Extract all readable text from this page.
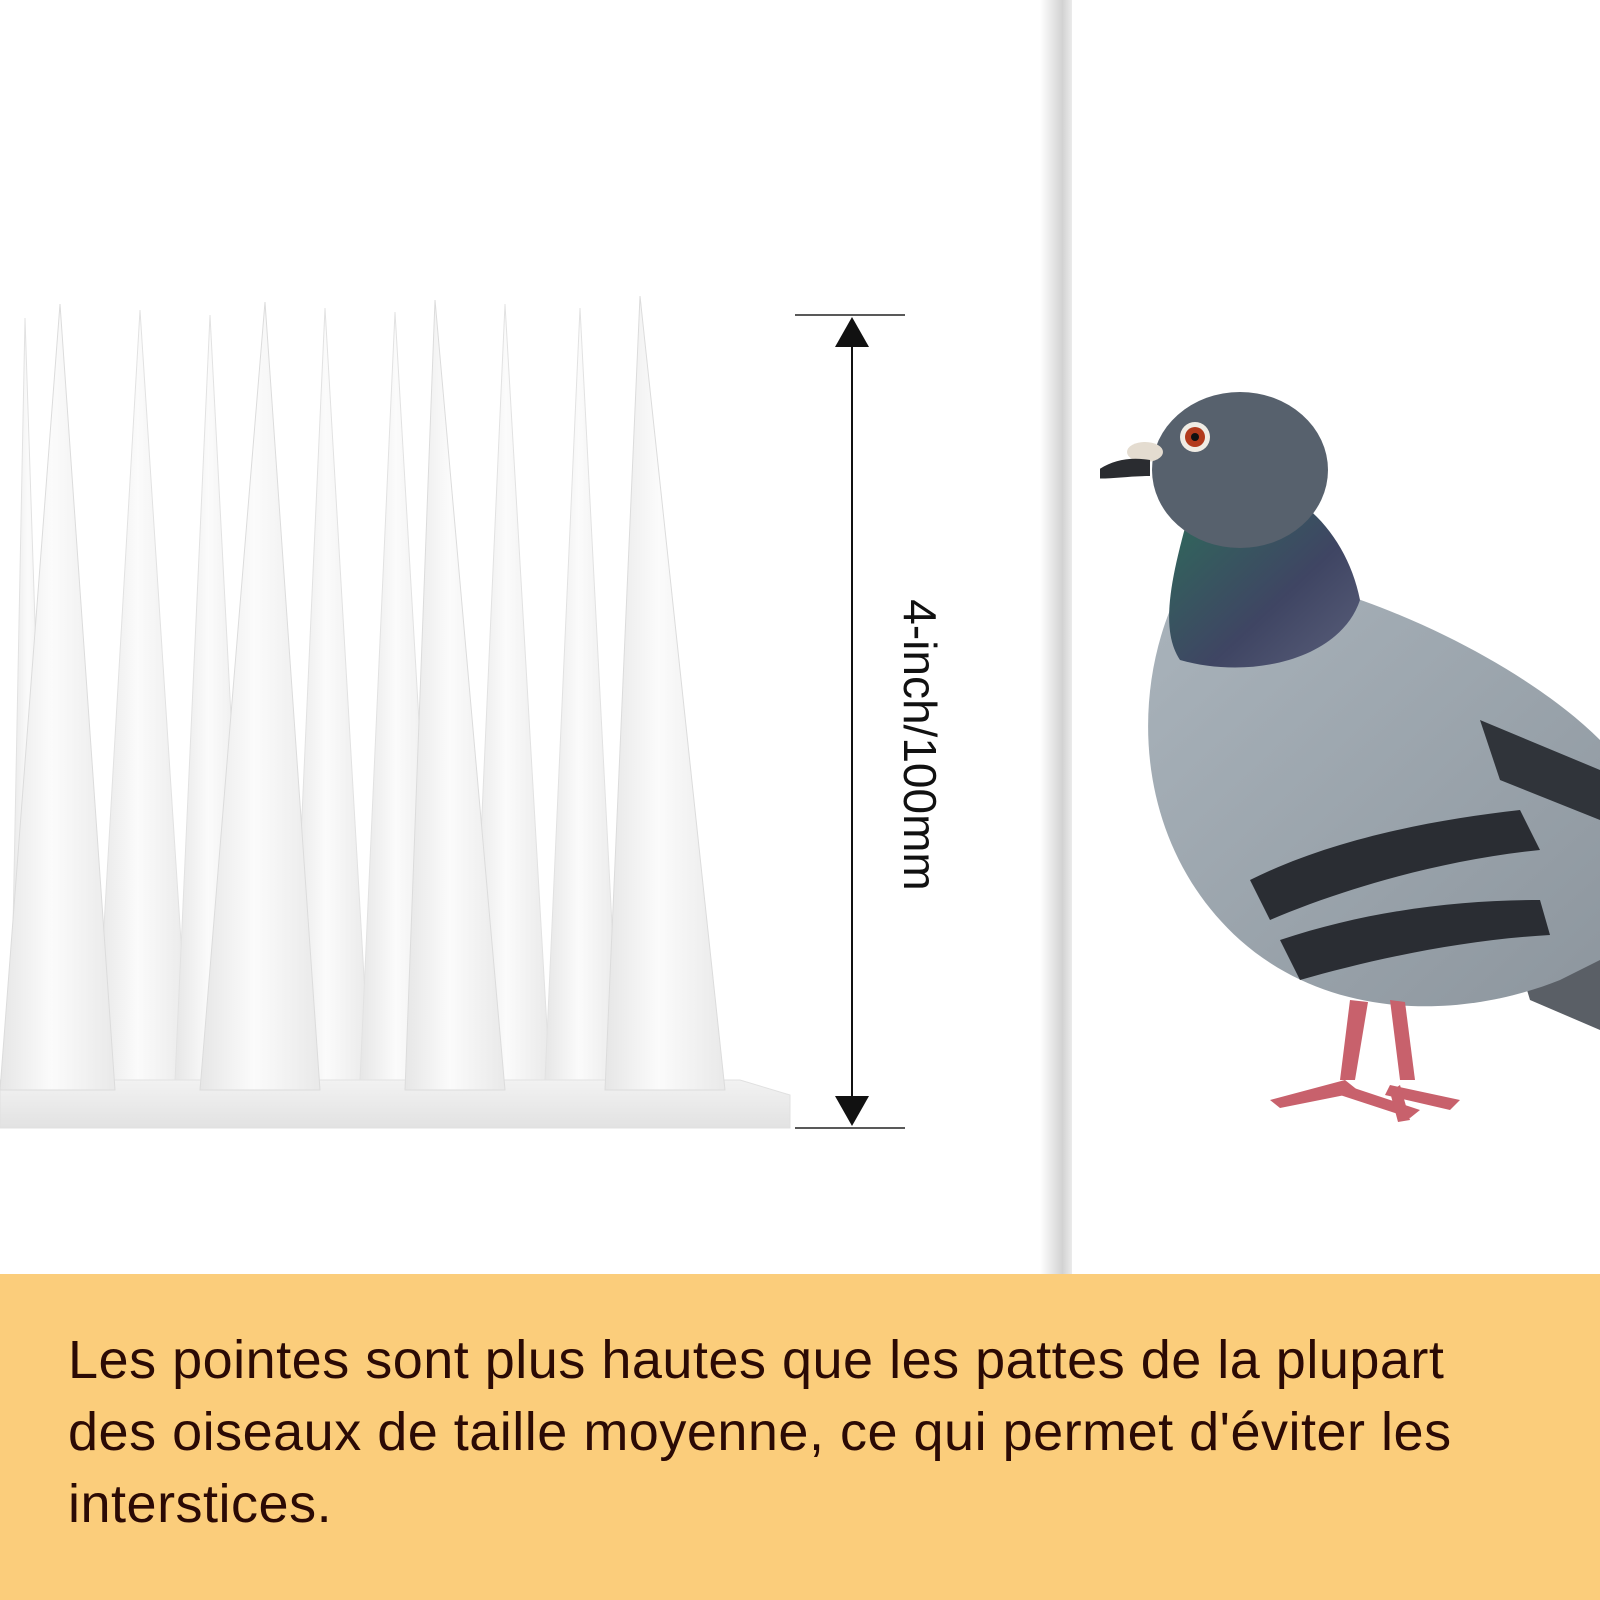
4-inch/100mm
Les pointes sont plus hautes que les pattes de la plupart des oiseaux de taille moyenne, ce qui permet d'éviter les interstices.
